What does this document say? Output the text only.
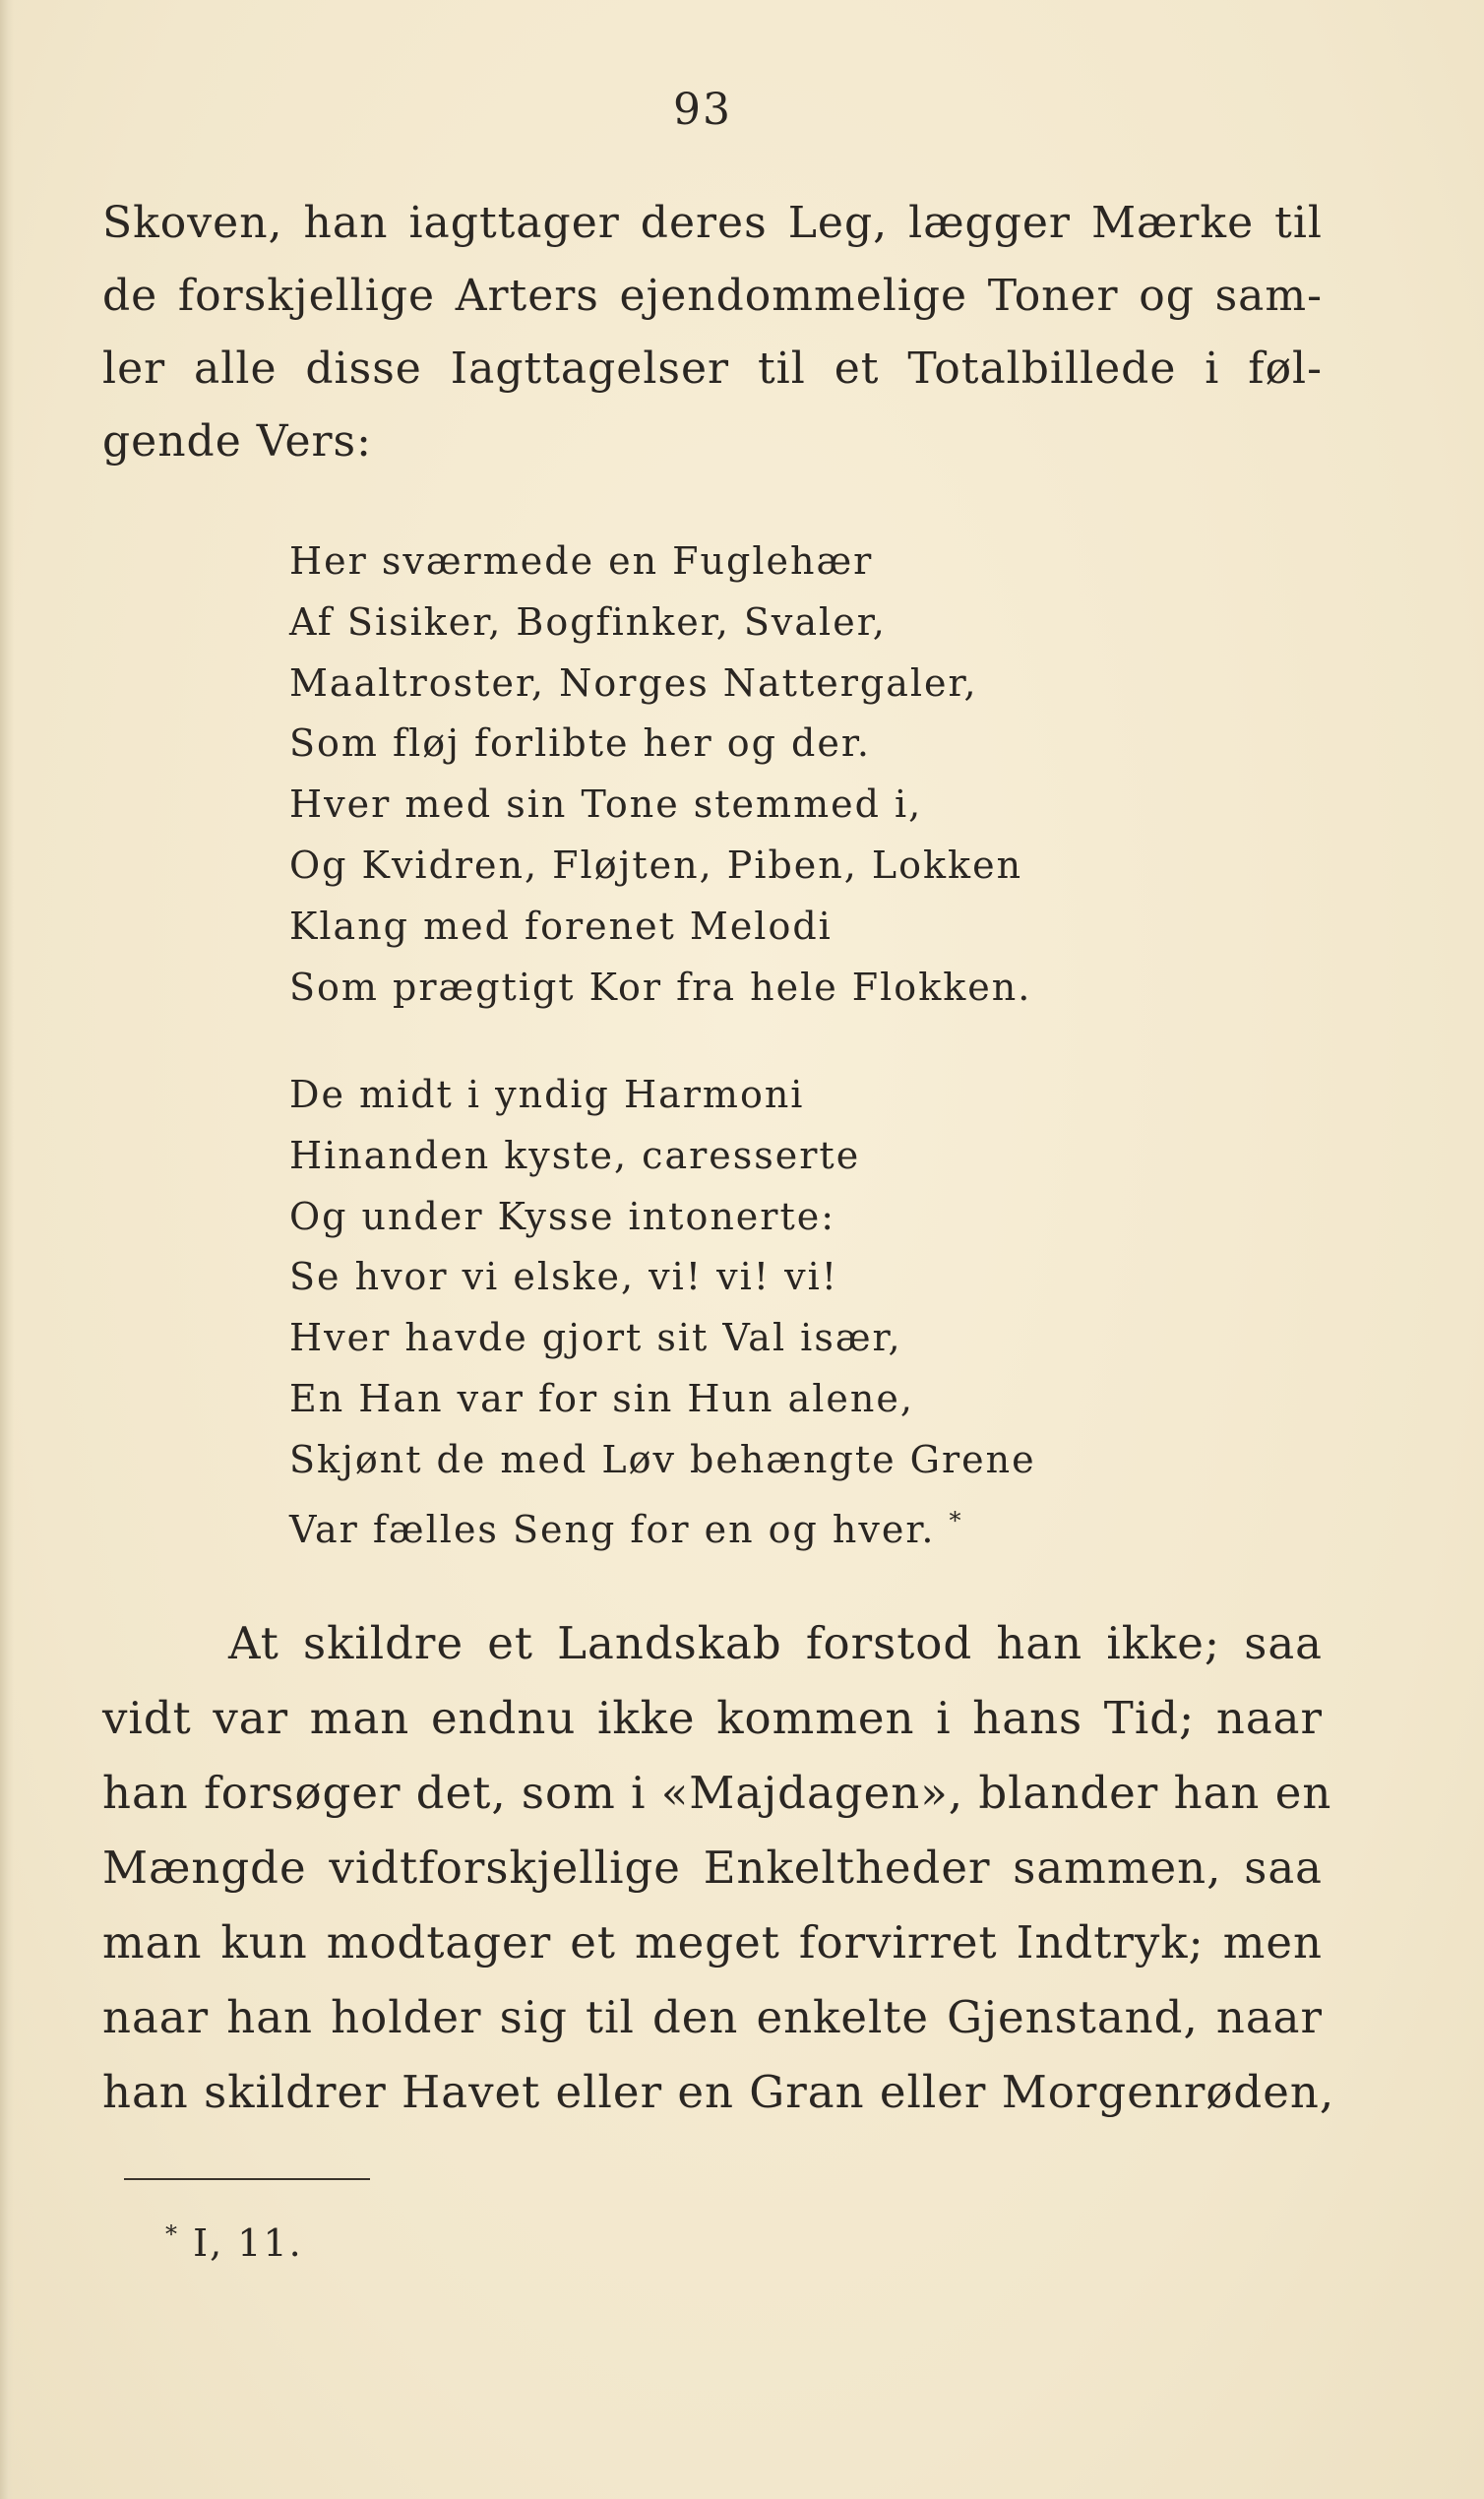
93
Skoven, han iagttager deres Leg, lægger Mærke til
de forskjellige Arters ejendommelige Toner og sam-
ler alle disse Iagttagelser til et Totalbillede i føl-
gende Vers:
Her sværmede en Fuglehær
Af Sisiker, Bogfinker, Svaler,
Maaltroster, Norges Nattergaler,
Som fløj forlibte her og der.
Hver med sin Tone stemmed i,
Og Kvidren, Fløjten, Piben, Lokken
Klang med forenet Melodi
Som prægtigt Kor fra hele Flokken.
De midt i yndig Harmoni
Hinanden kyste, caresserte
Og under Kysse intonerte:
Se hvor vi elske, vi! vi! vi!
Hver havde gjort sit Val især,
En Han var for sin Hun alene,
Skjønt de med Løv behængte Grene
Var fælles Seng for en og hver. *
At skildre et Landskab forstod han ikke; saa
vidt var man endnu ikke kommen i hans Tid; naar
han forsøger det, som i «Majdagen», blander han en
Mængde vidtforskjellige Enkeltheder sammen, saa
man kun modtager et meget forvirret Indtryk; men
naar han holder sig til den enkelte Gjenstand, naar
han skildrer Havet eller en Gran eller Morgenrøden,
* I, 11.
